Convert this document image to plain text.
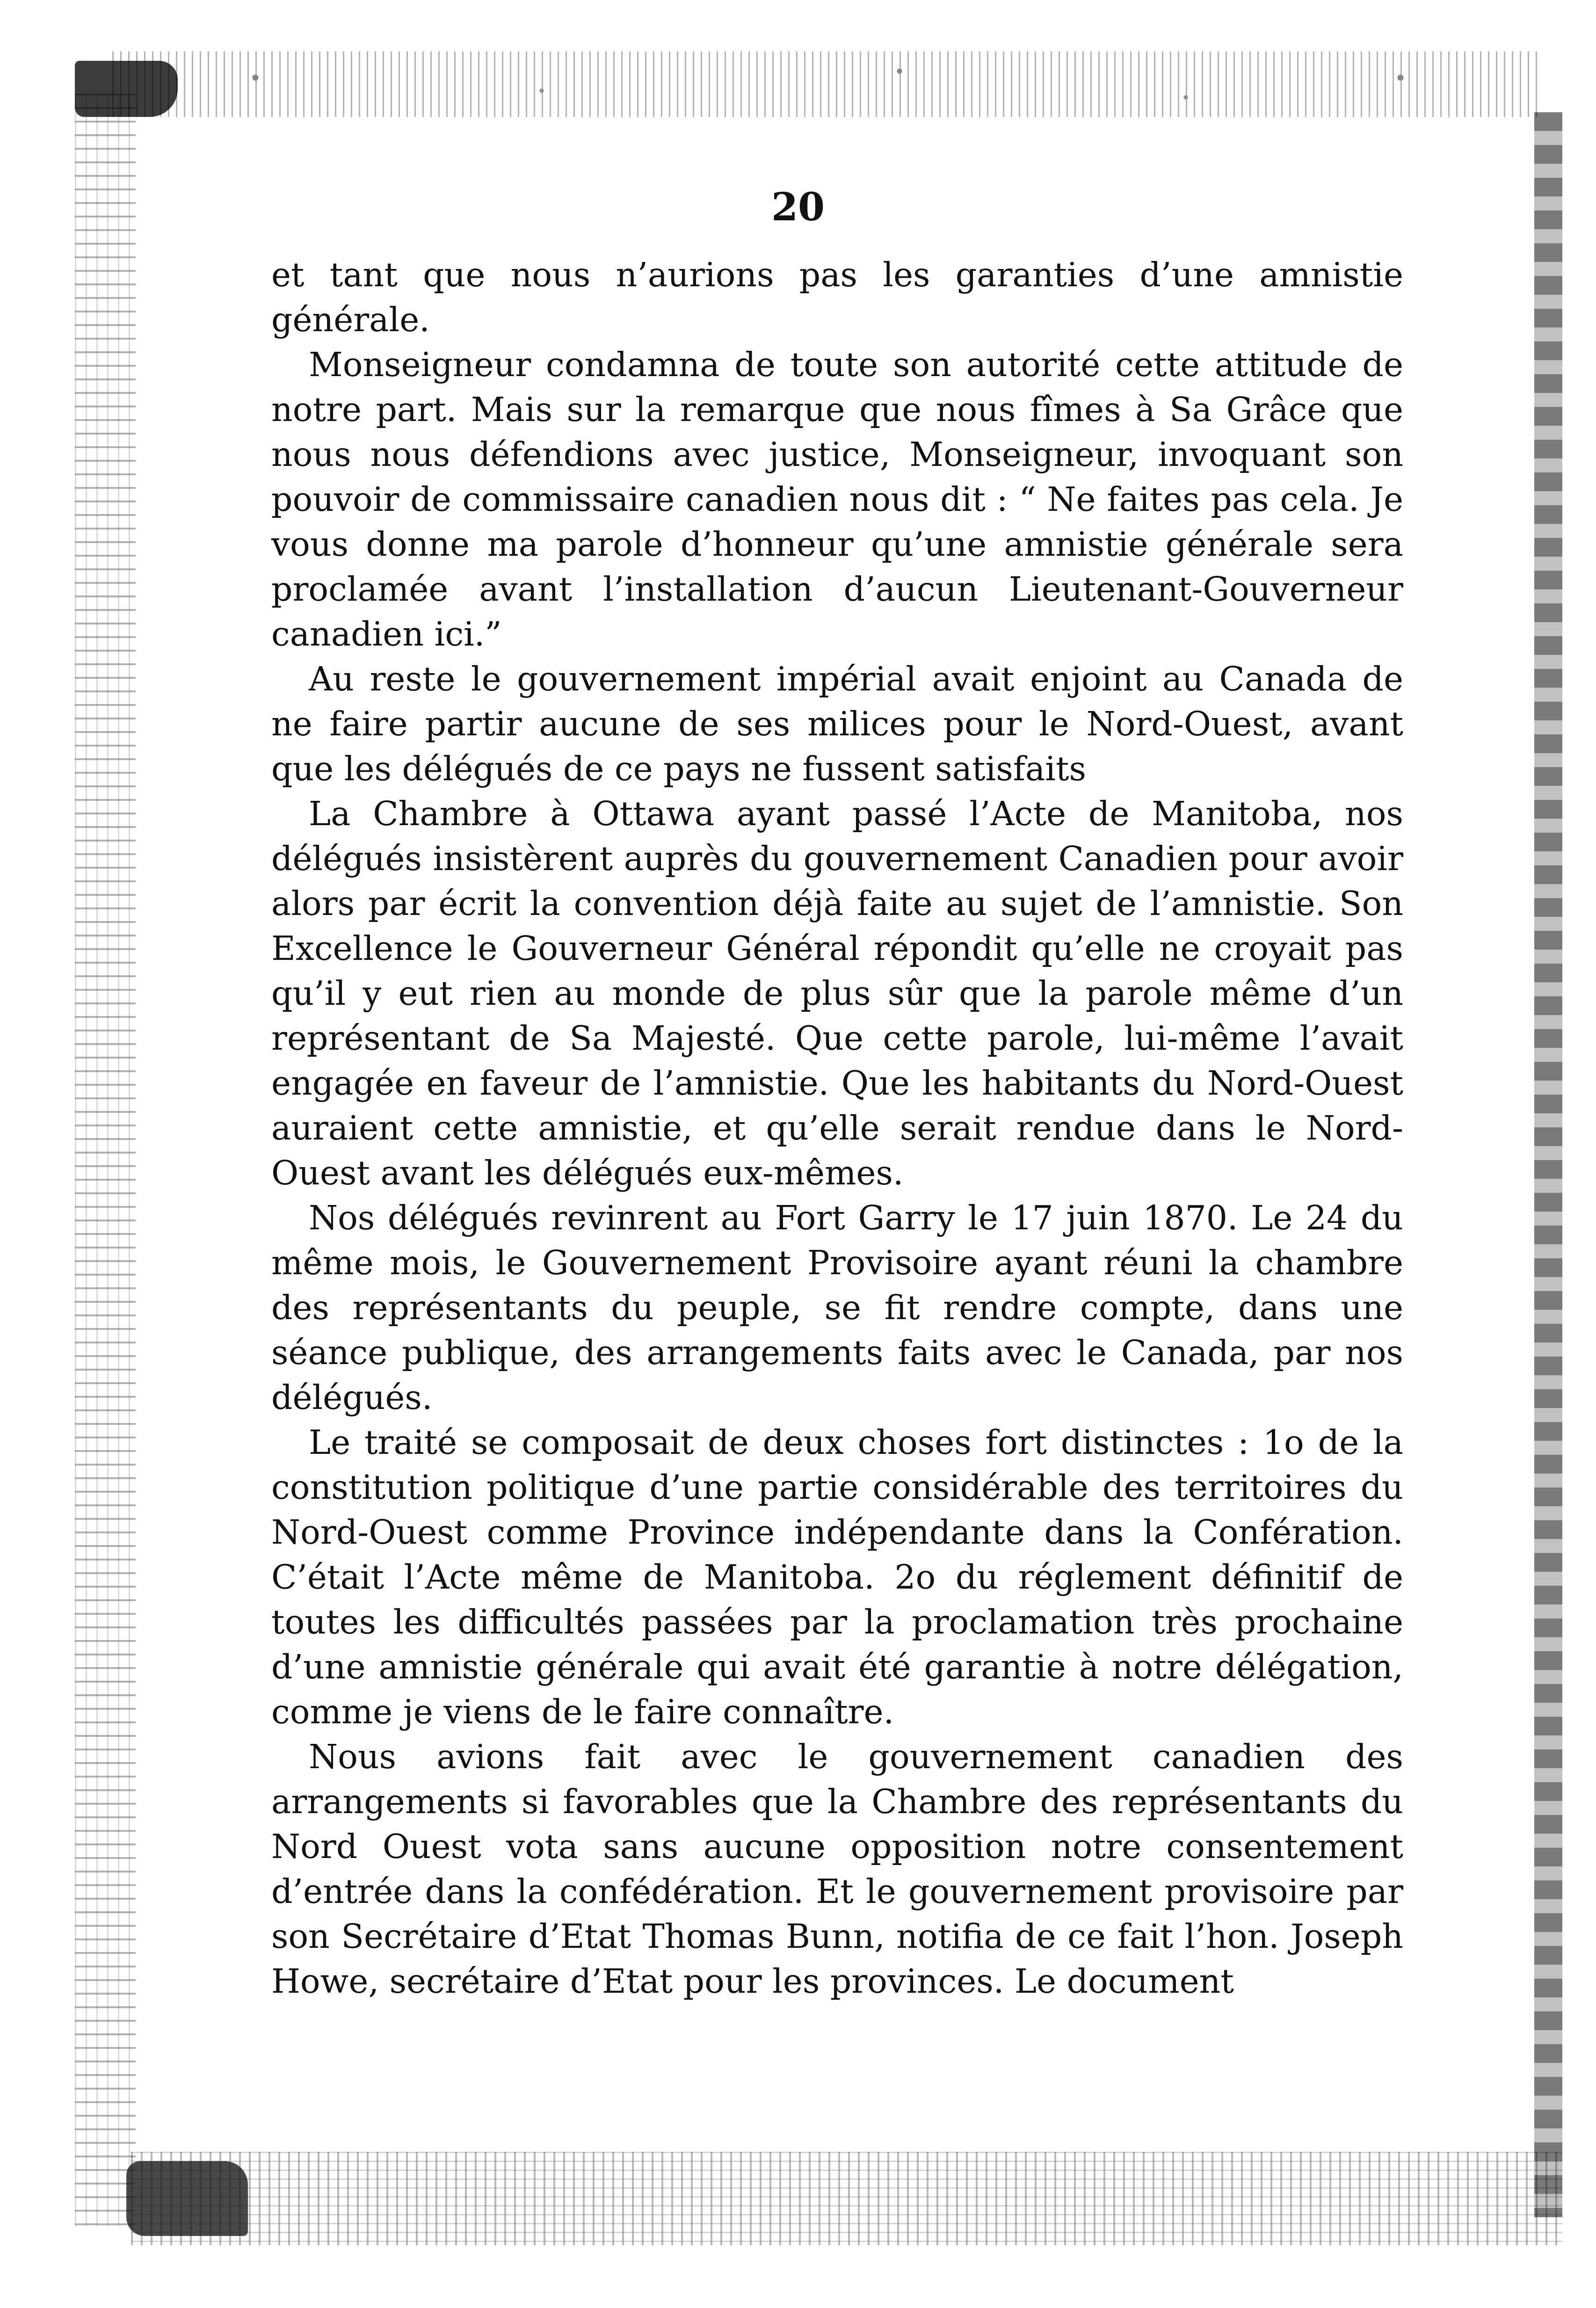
20

et tant que nous n’aurions pas les garanties d’une amnistie générale.

Monseigneur condamna de toute son autorité cette attitude de notre part. Mais sur la remarque que nous fîmes à Sa Grâce que nous nous défendions avec justice, Monseigneur, invoquant son pouvoir de commissaire canadien nous dit : “ Ne faites pas cela. Je vous donne ma parole d’honneur qu’une amnistie générale sera proclamée avant l’installation d’aucun Lieutenant-Gouverneur canadien ici.”

Au reste le gouvernement impérial avait enjoint au Canada de ne faire partir aucune de ses milices pour le Nord-Ouest, avant que les délégués de ce pays ne fussent satisfaits

La Chambre à Ottawa ayant passé l’Acte de Manitoba, nos délégués insistèrent auprès du gouvernement Canadien pour avoir alors par écrit la convention déjà faite au sujet de l’amnistie. Son Excellence le Gouverneur Général répondit qu’elle ne croyait pas qu’il y eut rien au monde de plus sûr que la parole même d’un représentant de Sa Majesté. Que cette parole, lui-même l’avait engagée en faveur de l’amnistie. Que les habitants du Nord-Ouest auraient cette amnistie, et qu’elle serait rendue dans le Nord-Ouest avant les délégués eux-mêmes.

Nos délégués revinrent au Fort Garry le 17 juin 1870. Le 24 du même mois, le Gouvernement Provisoire ayant réuni la chambre des représentants du peuple, se fit rendre compte, dans une séance publique, des arrangements faits avec le Canada, par nos délégués.

Le traité se composait de deux choses fort distinctes : 1o de la constitution politique d’une partie considérable des territoires du Nord-Ouest comme Province indépendante dans la Confération. C’était l’Acte même de Manitoba. 2o du réglement définitif de toutes les difficultés passées par la proclamation très prochaine d’une amnistie générale qui avait été garantie à notre délégation, comme je viens de le faire connaître.

Nous avions fait avec le gouvernement canadien des arrangements si favorables que la Chambre des représentants du Nord Ouest vota sans aucune opposition notre consentement d’entrée dans la confédération. Et le gouvernement provisoire par son Secrétaire d’Etat Thomas Bunn, notifia de ce fait l’hon. Joseph Howe, secrétaire d’Etat pour les provinces. Le document
